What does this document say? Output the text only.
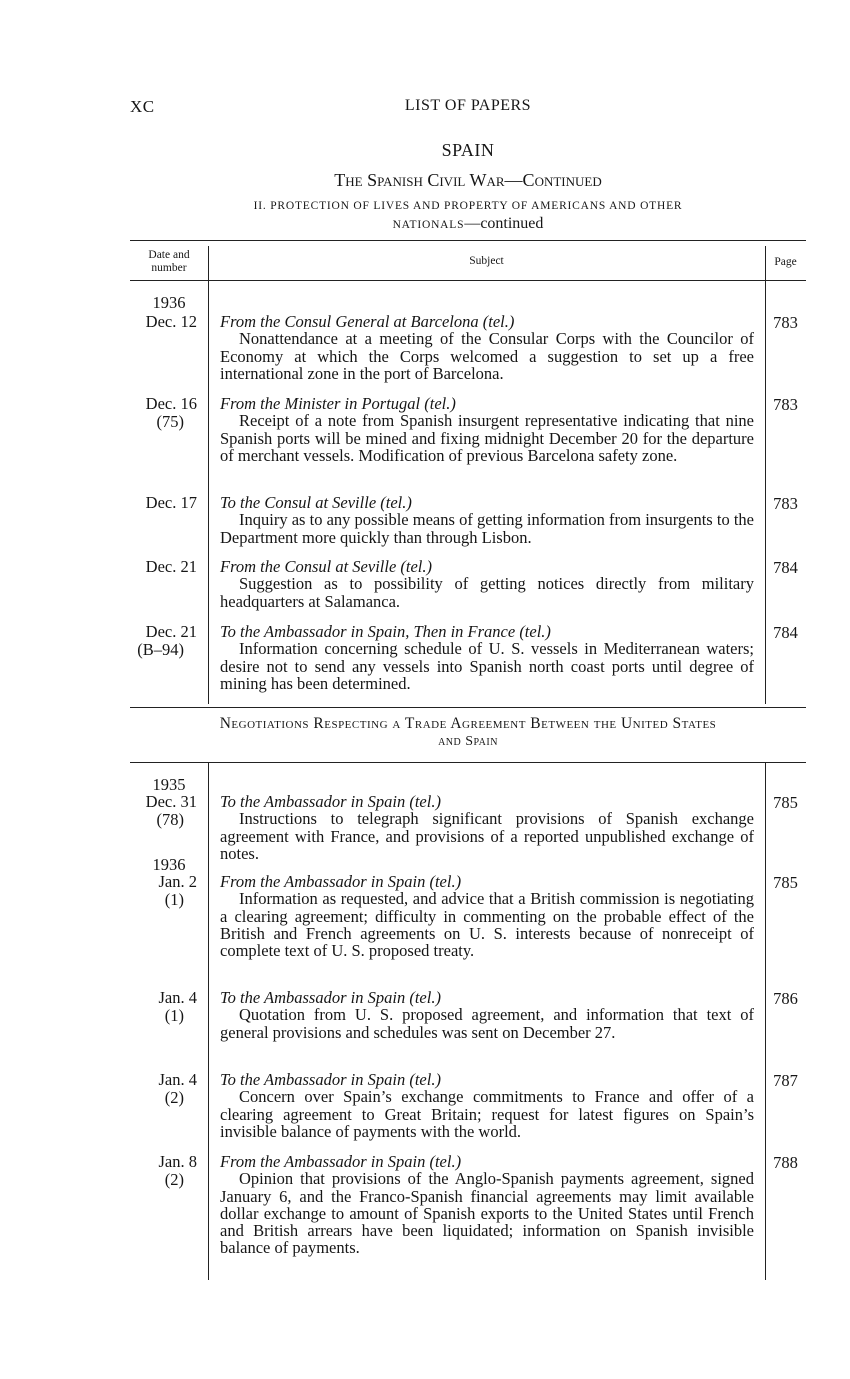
XC	LIST OF PAPERS
SPAIN
The Spanish Civil War—Continued
II. PROTECTION OF LIVES AND PROPERTY OF AMERICANS AND OTHER
NATIONALS—continued
Date and number
Subject	Page
1936
Dec. 12 From the Consul General at Barcelona (tel.)
Nonattendance at a meeting of the Consular Corps with the Councilor of Economy at which the Corps welcomed a suggestion to set up a free international zone in the port of Barcelona.
783
Dec. 16
(75)
From the Minister in Portugal (tel.)
Receipt of a note from Spanish insurgent representative indicating that nine Spanish ports will be mined and fixing midnight December 20 for the departure of merchant vessels. Modification of previous Barcelona safety zone.
783
Dec. 17 To the Consul at Seville (tel.)
Inquiry as to any possible means of getting information from insurgents to the Department more quickly than through Lisbon.
783
Dec. 21 From the Consul at Seville (tel.)
Suggestion as to possibility of getting notices directly from military headquarters at Salamanca.
784
Dec. 21
(B–94)
To the Ambassador in Spain, Then in France (tel.)
Information concerning schedule of U. S. vessels in Mediterranean waters; desire not to send any vessels into Spanish north coast ports until degree of mining has been determined.
784
Negotiations Respecting a Trade Agreement Between the United States
and Spain
1935
Dec. 31
(78)
To the Ambassador in Spain (tel.)
Instructions to telegraph significant provisions of Spanish exchange agreement with France, and provisions of a reported unpublished exchange of notes.
785
1936
Jan. 2
(1)
From the Ambassador in Spain (tel.)
Information as requested, and advice that a British commission is negotiating a clearing agreement; difficulty in commenting on the probable effect of the British and French agreements on U. S. interests because of nonreceipt of complete text of U. S. proposed treaty.
785
Jan. 4
(1)
To the Ambassador in Spain (tel.)
Quotation from U. S. proposed agreement, and information that text of general provisions and schedules was sent on December 27.
786
Jan. 4
(2)
To the Ambassador in Spain (tel.)
Concern over Spain’s exchange commitments to France and offer of a clearing agreement to Great Britain; request for latest figures on Spain’s invisible balance of payments with the world.
787
Jan. 8
(2)
From the Ambassador in Spain (tel.)
Opinion that provisions of the Anglo-Spanish payments agreement, signed January 6, and the Franco-Spanish financial agreements may limit available dollar exchange to amount of Spanish exports to the United States until French and British arrears have been liquidated; information on Spanish invisible balance of payments.
788
